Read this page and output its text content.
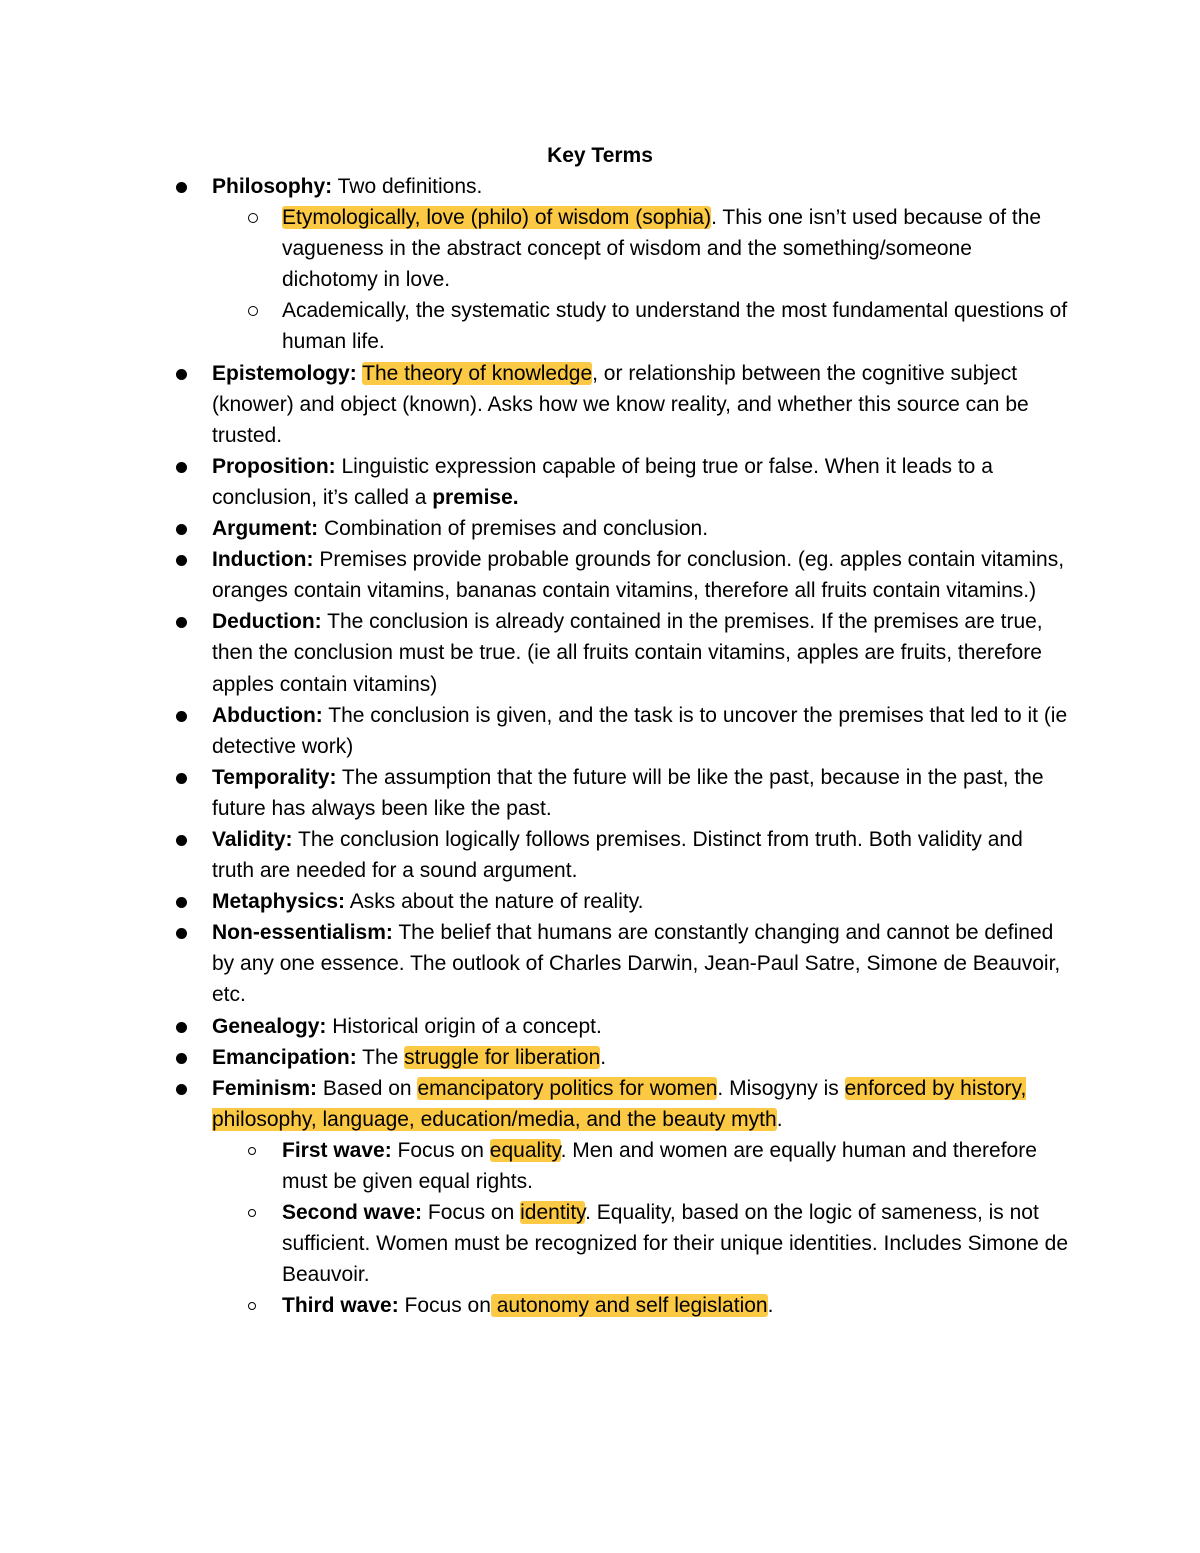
Key Terms
Philosophy: Two definitions.
Etymologically, love (philo) of wisdom (sophia). This one isn’t used because of the vagueness in the abstract concept of wisdom and the something/someone dichotomy in love.
Academically, the systematic study to understand the most fundamental questions of human life.
Epistemology: The theory of knowledge, or relationship between the cognitive subject (knower) and object (known). Asks how we know reality, and whether this source can be trusted.
Proposition: Linguistic expression capable of being true or false. When it leads to a conclusion, it’s called a premise.
Argument: Combination of premises and conclusion.
Induction: Premises provide probable grounds for conclusion. (eg. apples contain vitamins, oranges contain vitamins, bananas contain vitamins, therefore all fruits contain vitamins.)
Deduction: The conclusion is already contained in the premises. If the premises are true, then the conclusion must be true. (ie all fruits contain vitamins, apples are fruits, therefore apples contain vitamins)
Abduction: The conclusion is given, and the task is to uncover the premises that led to it (ie detective work)
Temporality: The assumption that the future will be like the past, because in the past, the future has always been like the past.
Validity: The conclusion logically follows premises. Distinct from truth. Both validity and truth are needed for a sound argument.
Metaphysics: Asks about the nature of reality.
Non-essentialism: The belief that humans are constantly changing and cannot be defined by any one essence. The outlook of Charles Darwin, Jean-Paul Satre, Simone de Beauvoir, etc.
Genealogy: Historical origin of a concept.
Emancipation: The struggle for liberation.
Feminism: Based on emancipatory politics for women. Misogyny is enforced by history, philosophy, language, education/media, and the beauty myth.
First wave: Focus on equality. Men and women are equally human and therefore must be given equal rights.
Second wave: Focus on identity. Equality, based on the logic of sameness, is not sufficient. Women must be recognized for their unique identities. Includes Simone de Beauvoir.
Third wave: Focus on autonomy and self legislation.
